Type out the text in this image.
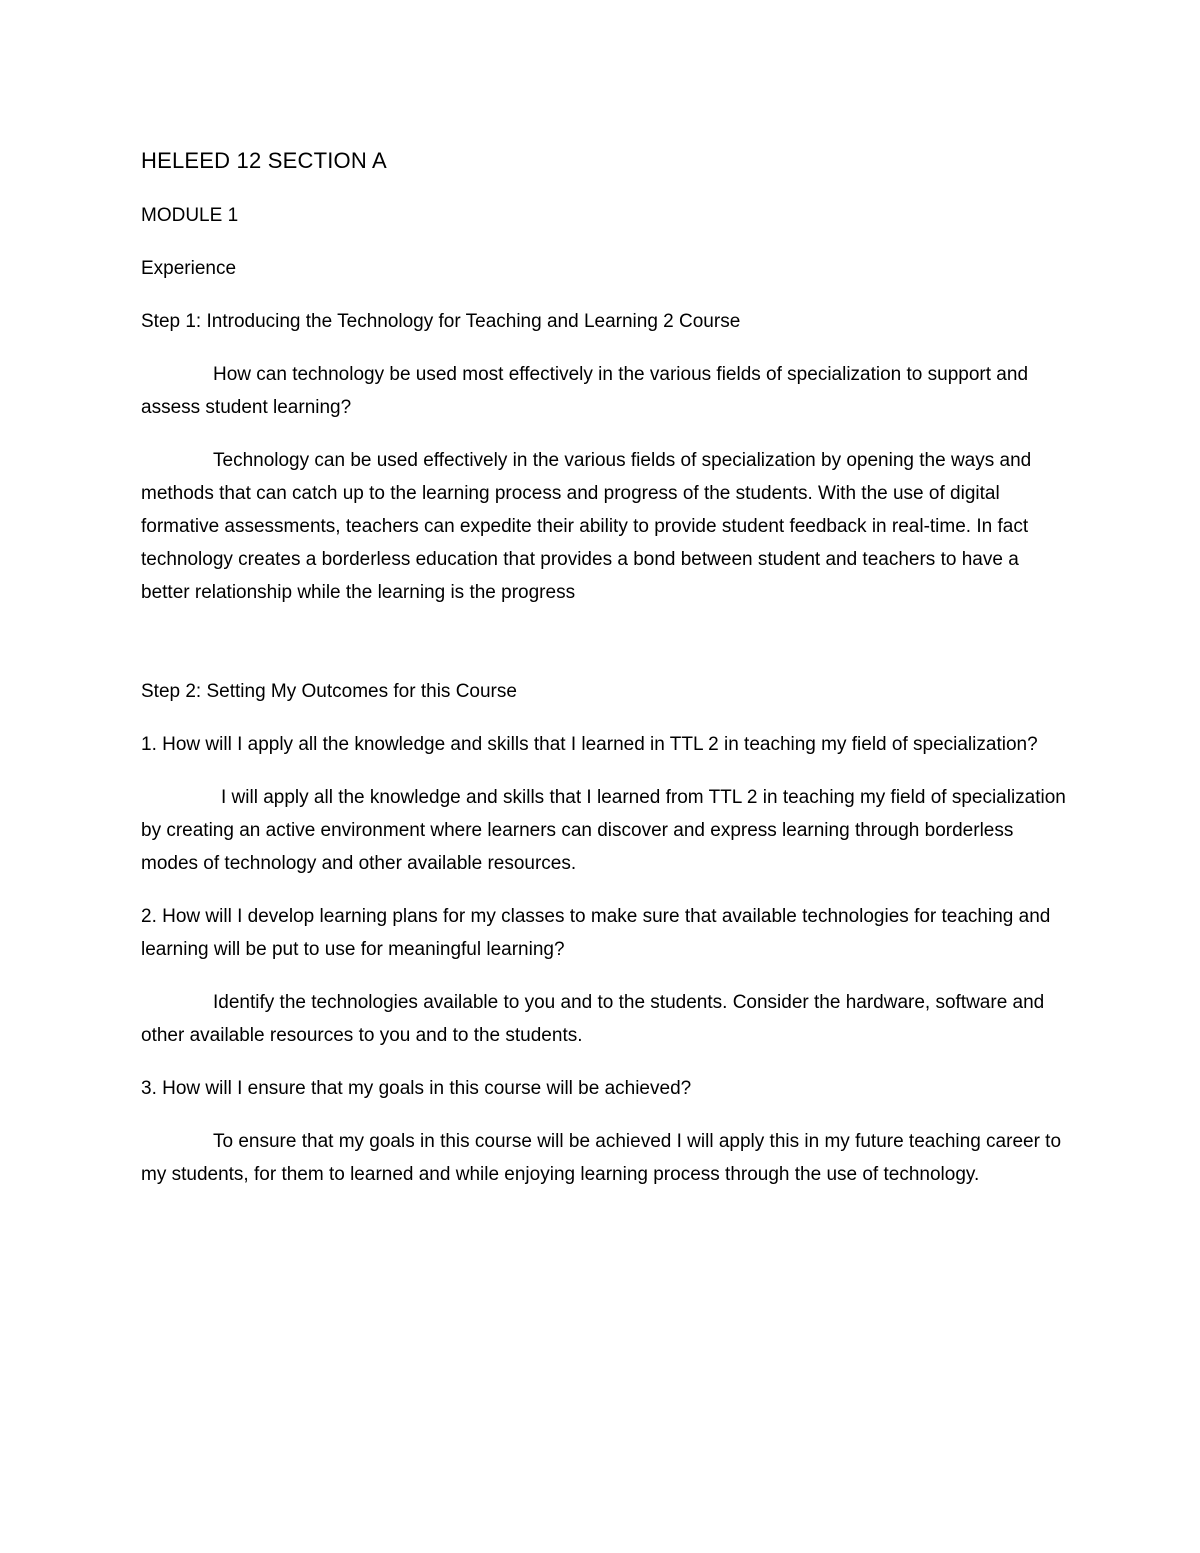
HELEED 12 SECTION A
MODULE 1
Experience
Step 1: Introducing the Technology for Teaching and Learning 2 Course
How can technology be used most effectively in the various fields of specialization to support and assess student learning?
Technology can be used effectively in the various fields of specialization by opening the ways and methods that can catch up to the learning process and progress of the students. With the use of digital formative assessments, teachers can expedite their ability to provide student feedback in real-time. In fact technology creates a borderless education that provides a bond between student and teachers to have a better relationship while the learning is the progress
Step 2: Setting My Outcomes for this Course
1. How will I apply all the knowledge and skills that I learned in TTL 2 in teaching my field of specialization?
I will apply all the knowledge and skills that I learned from TTL 2 in teaching my field of specialization by creating an active environment where learners can discover and express learning through borderless modes of technology and other available resources.
2. How will I develop learning plans for my classes to make sure that available technologies for teaching and learning will be put to use for meaningful learning?
Identify the technologies available to you and to the students. Consider the hardware, software and other available resources to you and to the students.
3. How will I ensure that my goals in this course will be achieved?
To ensure that my goals in this course will be achieved I will apply this in my future teaching career to my students, for them to learned and while enjoying learning process through the use of technology.
